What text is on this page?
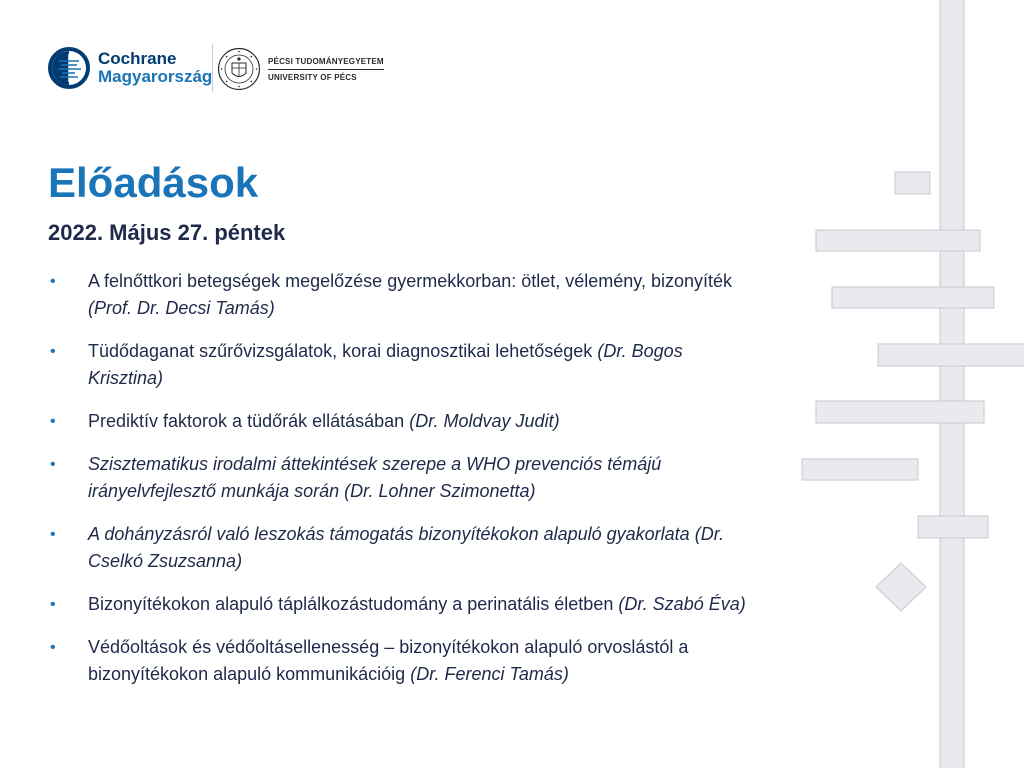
Cochrane
Magyarország
PÉCSI TUDOMÁNYEGYETEM
UNIVERSITY OF PÉCS
Előadások
2022. Május 27. péntek
• A felnőttkori betegségek megelőzése gyermekkorban: ötlet, vélemény, bizonyíték (Prof. Dr. Decsi Tamás)
• Tüdődaganat szűrővizsgálatok, korai diagnosztikai lehetőségek (Dr. Bogos Krisztina)
• Prediktív faktorok a tüdőrák ellátásában (Dr. Moldvay Judit)
• Szisztematikus irodalmi áttekintések szerepe a WHO prevenciós témájú irányelvfejlesztő munkája során (Dr. Lohner Szimonetta)
• A dohányzásról való leszokás támogatás bizonyítékokon alapuló gyakorlata (Dr. Cselkó Zsuzsanna)
• Bizonyítékokon alapuló táplálkozástudomány a perinatális életben (Dr. Szabó Éva)
• Védőoltások és védőoltásellenesség – bizonyítékokon alapuló orvoslástól a bizonyítékokon alapuló kommunikációig (Dr. Ferenci Tamás)
